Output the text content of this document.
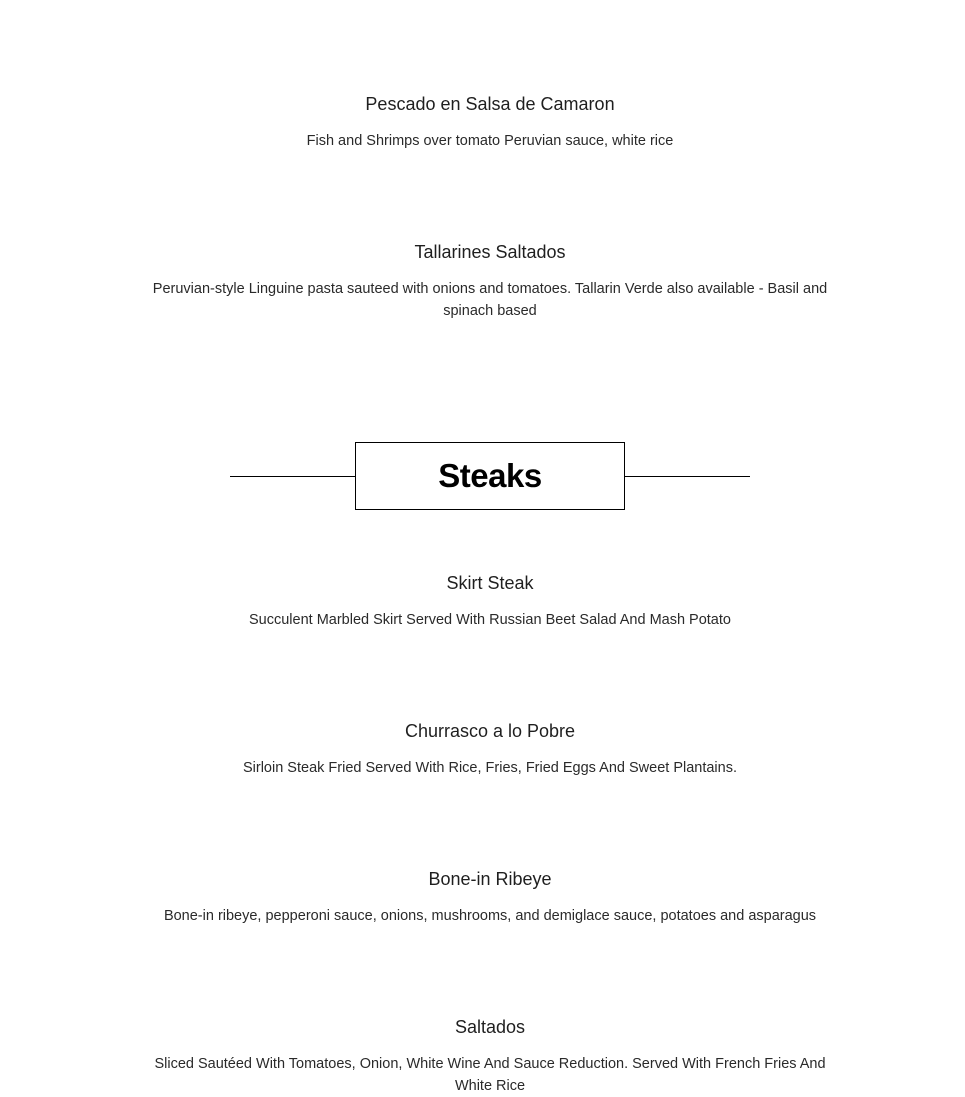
Pescado en Salsa de Camaron

Fish and Shrimps over tomato Peruvian sauce, white rice

Tallarines Saltados

Peruvian-style Linguine pasta sauteed with onions and tomatoes. Tallarin Verde also available - Basil and spinach based

Steaks

Skirt Steak

Succulent Marbled Skirt Served With Russian Beet Salad And Mash Potato

Churrasco a lo Pobre

Sirloin Steak Fried Served With Rice, Fries, Fried Eggs And Sweet Plantains.

Bone-in Ribeye

Bone-in ribeye, pepperoni sauce, onions, mushrooms, and demiglace sauce, potatoes and asparagus

Saltados

Sliced Sautéed With Tomatoes, Onion, White Wine And Sauce Reduction. Served With French Fries And White Rice
